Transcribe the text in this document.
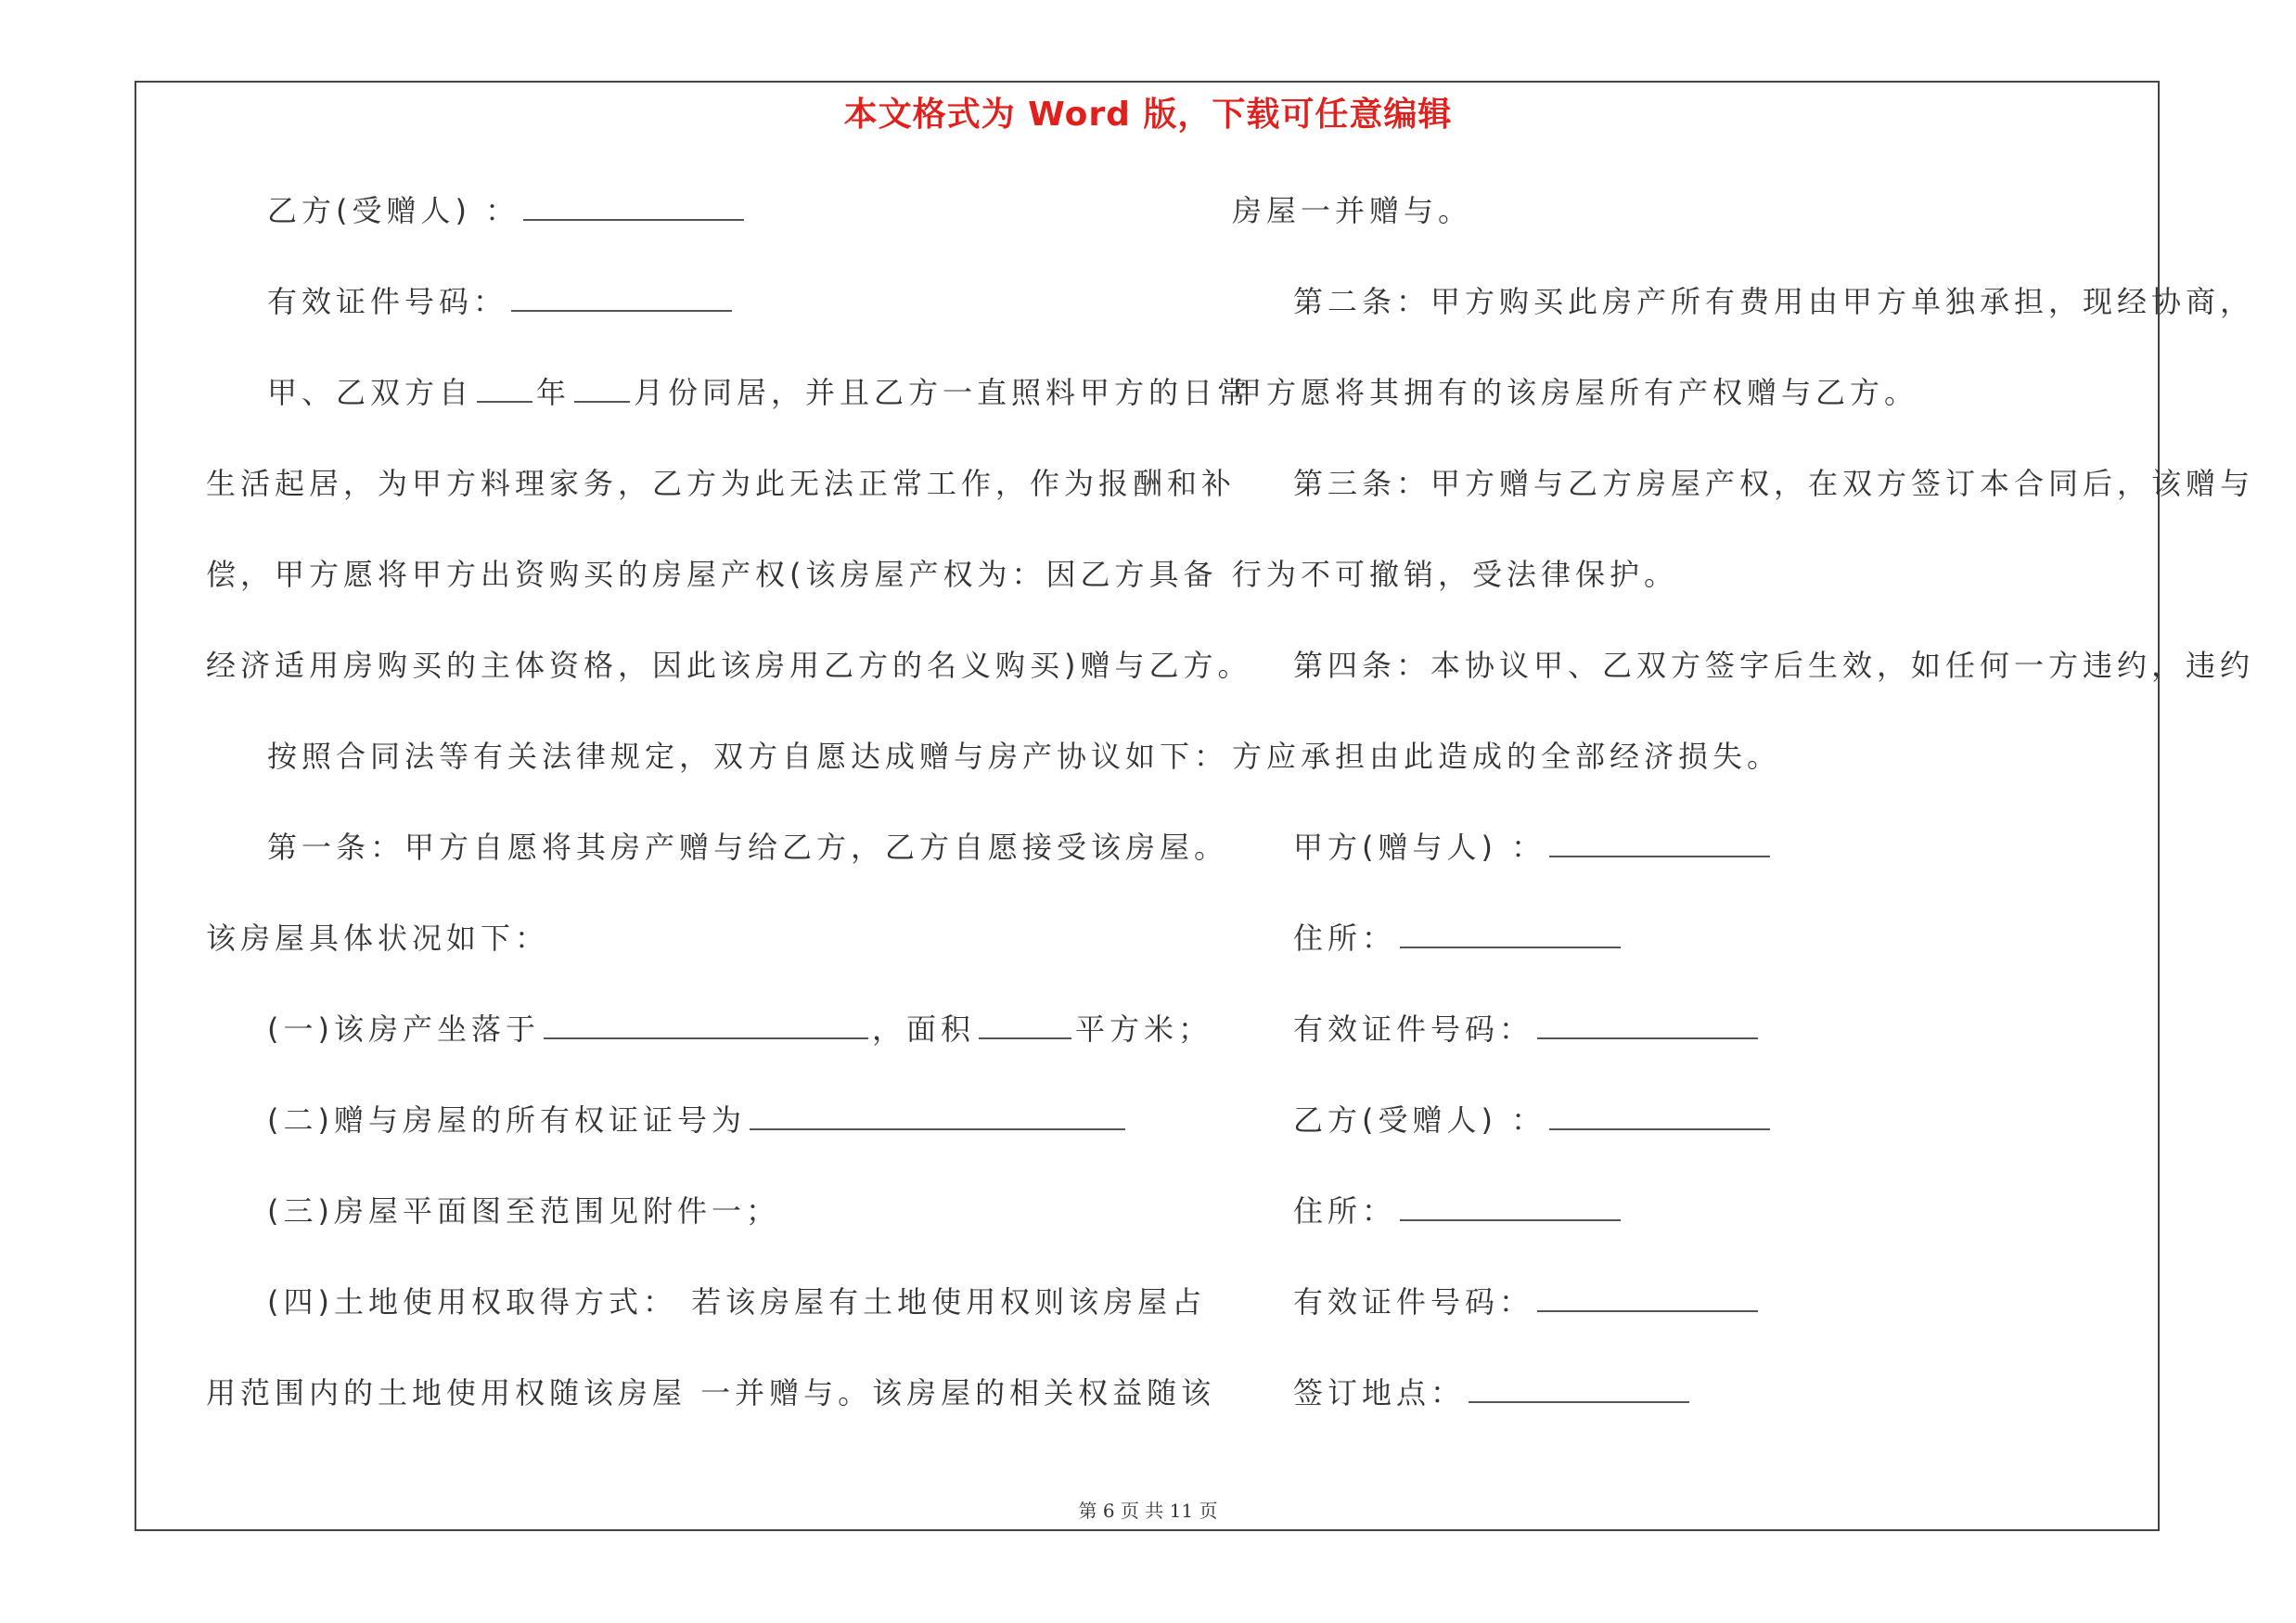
本文格式为 Word 版，下载可任意编辑
乙方(受赠人) ：
有效证件号码：
甲、乙双方自 年 月份同居，并且乙方一直照料甲方的日常
生活起居，为甲方料理家务，乙方为此无法正常工作，作为报酬和补
偿，甲方愿将甲方出资购买的房屋产权(该房屋产权为：因乙方具备
经济适用房购买的主体资格，因此该房用乙方的名义购买)赠与乙方。
按照合同法等有关法律规定，双方自愿达成赠与房产协议如下：
第一条：甲方自愿将其房产赠与给乙方，乙方自愿接受该房屋。
该房屋具体状况如下：
(一)该房产坐落于	，面积	平方米；
(二)赠与房屋的所有权证证号为
(三)房屋平面图至范围见附件一；
(四)土地使用权取得方式： 若该房屋有土地使用权则该房屋占
用范围内的土地使用权随该房屋 一并赠与。该房屋的相关权益随该
房屋一并赠与。
第二条：甲方购买此房产所有费用由甲方单独承担，现经协商，
甲方愿将其拥有的该房屋所有产权赠与乙方。
第三条：甲方赠与乙方房屋产权，在双方签订本合同后，该赠与
行为不可撤销，受法律保护。
第四条：本协议甲、乙双方签字后生效，如任何一方违约，违约
方应承担由此造成的全部经济损失。
甲方(赠与人) ：
住所：
有效证件号码：
乙方(受赠人) ：
住所：
有效证件号码：
签订地点：
第 6 页 共 11 页
